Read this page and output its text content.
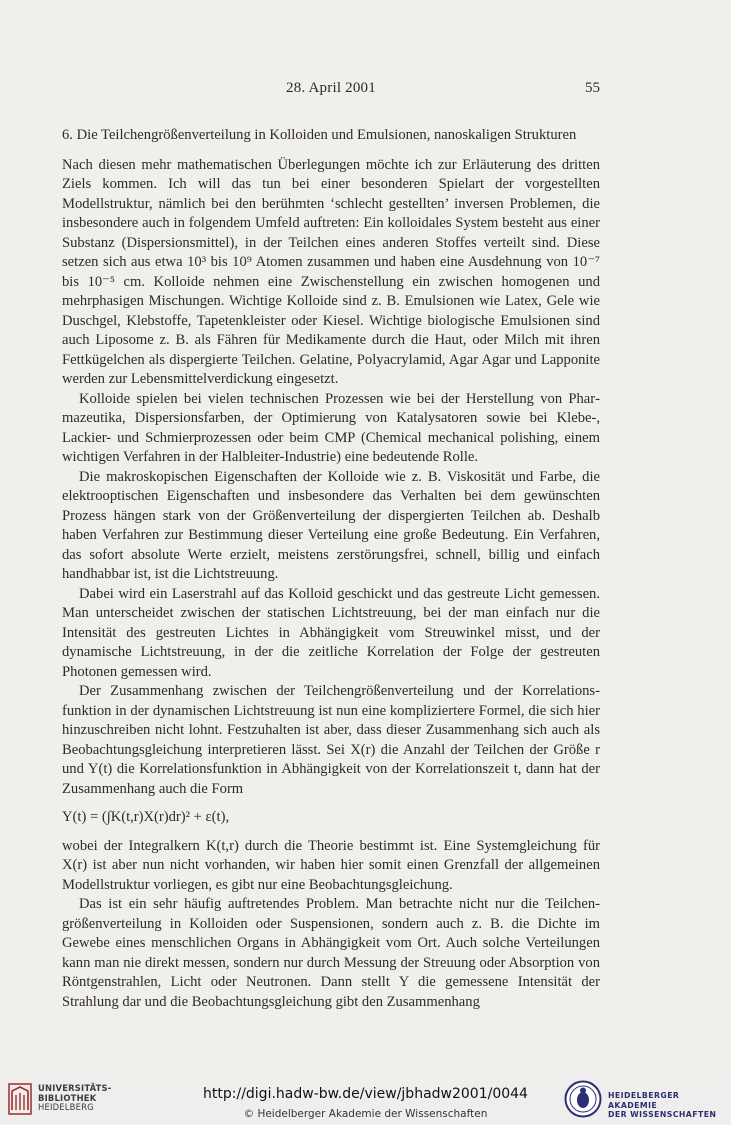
28. April 2001	55
6. Die Teilchengrößenverteilung in Kolloiden und Emulsionen, nanoskaligen Strukturen

Nach diesen mehr mathematischen Überlegungen möchte ich zur Erläuterung des dritten Ziels kommen. Ich will das tun bei einer besonderen Spielart der vorgestellten Modellstruktur, nämlich bei den berühmten ‘schlecht gestellten’ inversen Problemen, die insbesondere auch in folgendem Umfeld auftreten: Ein kolloidales System besteht aus einer Substanz (Dispersionsmittel), in der Teilchen eines anderen Stoffes verteilt sind. Diese setzen sich aus etwa 10³ bis 10⁹ Atomen zusammen und haben eine Ausdehnung von 10⁻⁷ bis 10⁻⁵ cm. Kolloide nehmen eine Zwischenstellung ein zwischen homogenen und mehrphasigen Mischungen. Wichtige Kolloide sind z. B. Emulsionen wie Latex, Gele wie Duschgel, Klebstoffe, Tapetenkleister oder Kiesel. Wichtige biologische Emulsionen sind auch Liposome z. B. als Fähren für Medikamente durch die Haut, oder Milch mit ihren Fettkügelchen als dispergierte Teilchen. Gelatine, Polyacrylamid, Agar Agar und Lapponite werden zur Lebensmittelverdickung eingesetzt.

Kolloide spielen bei vielen technischen Prozessen wie bei der Herstellung von Pharmazeutika, Dispersionsfarben, der Optimierung von Katalysatoren sowie bei Klebe-, Lackier- und Schmierprozessen oder beim CMP (Chemical mechanical polishing, einem wichtigen Verfahren in der Halbleiter-Industrie) eine bedeutende Rolle.

Die makroskopischen Eigenschaften der Kolloide wie z. B. Viskosität und Farbe, die elektrooptischen Eigenschaften und insbesondere das Verhalten bei dem gewünschten Prozess hängen stark von der Größenverteilung der dispergierten Teilchen ab. Deshalb haben Verfahren zur Bestimmung dieser Verteilung eine große Bedeutung. Ein Verfahren, das sofort absolute Werte erzielt, meistens zerstörungsfrei, schnell, billig und einfach handhabbar ist, ist die Lichtstreuung.

Dabei wird ein Laserstrahl auf das Kolloid geschickt und das gestreute Licht gemessen. Man unterscheidet zwischen der statischen Lichtstreuung, bei der man einfach nur die Intensität des gestreuten Lichtes in Abhängigkeit vom Streuwinkel misst, und der dynamische Lichtstreuung, in der die zeitliche Korrelation der Folge der gestreuten Photonen gemessen wird.

Der Zusammenhang zwischen der Teilchengrößenverteilung und der Korrelationsfunktion in der dynamischen Lichtstreuung ist nun eine kompliziertere Formel, die sich hier hinzuschreiben nicht lohnt. Festzuhalten ist aber, dass dieser Zusammenhang sich auch als Beobachtungsgleichung interpretieren lässt. Sei X(r) die Anzahl der Teilchen der Größe r und Y(t) die Korrelationsfunktion in Abhängigkeit von der Korrelationszeit t, dann hat der Zusammenhang auch die Form

Y(t) = (∫K(t,r)X(r)dr)² + ε(t),

wobei der Integralkern K(t,r) durch die Theorie bestimmt ist. Eine Systemgleichung für X(r) ist aber nun nicht vorhanden, wir haben hier somit einen Grenzfall der allgemeinen Modellstruktur vorliegen, es gibt nur eine Beobachtungsgleichung.

Das ist ein sehr häufig auftretendes Problem. Man betrachte nicht nur die Teilchengrößenverteilung in Kolloiden oder Suspensionen, sondern auch z. B. die Dichte im Gewebe eines menschlichen Organs in Abhängigkeit vom Ort. Auch solche Verteilungen kann man nie direkt messen, sondern nur durch Messung der Streuung oder Absorption von Röntgenstrahlen, Licht oder Neutronen. Dann stellt Y die gemessene Intensität der Strahlung dar und die Beobachtungsgleichung gibt den Zusammenhang

UNIVERSITÄTS-
BIBLIOTHEK
HEIDELBERG
http://digi.hadw-bw.de/view/jbhadw2001/0044
© Heidelberger Akademie der Wissenschaften
HEIDELBERGER AKADEMIE
DER WISSENSCHAFTEN
